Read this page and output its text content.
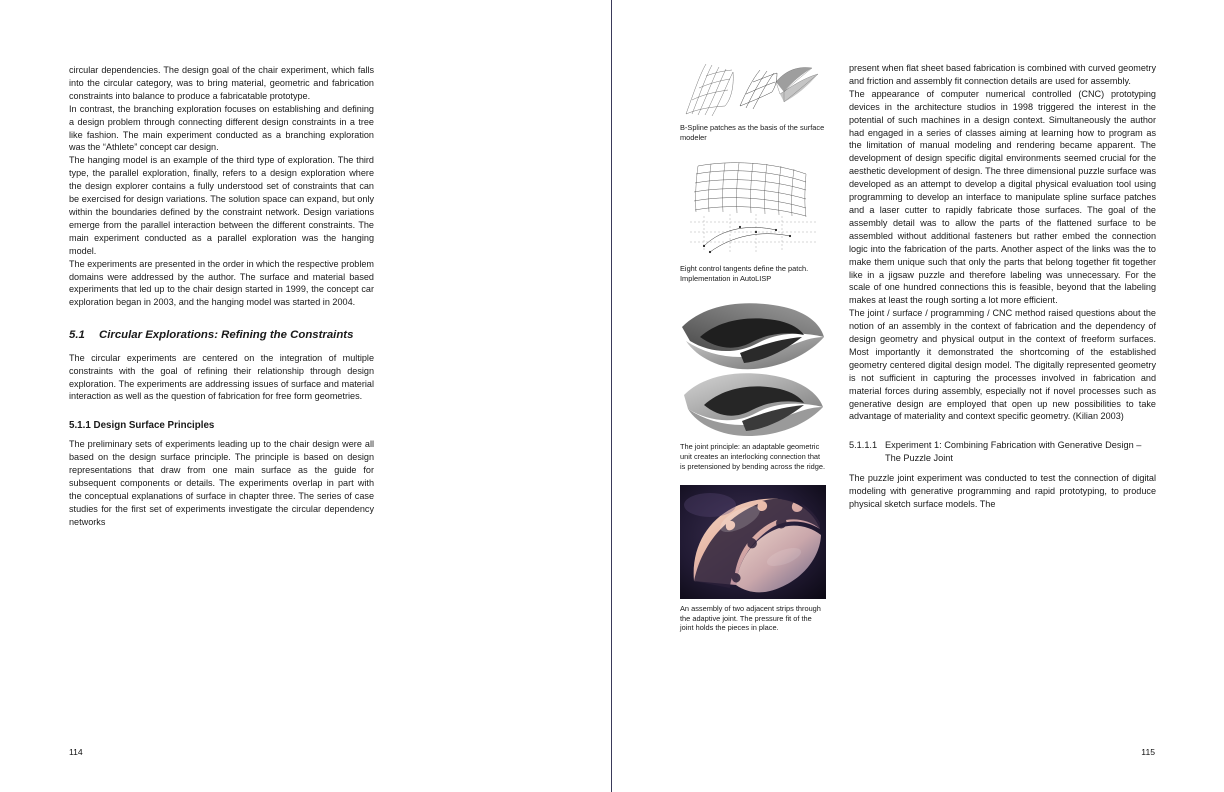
circular dependencies. The design goal of the chair experiment, which falls into the circular category, was to bring material, geometric and fabrication constraints into balance to produce a fabricatable prototype.

In contrast, the branching exploration focuses on establishing and defining a design problem through connecting different design constraints in a tree like fashion. The main experiment conducted as a branching exploration was the “Athlete” concept car design.

The hanging model is an example of the third type of exploration. The third type, the parallel exploration, finally, refers to a design exploration where the design explorer contains a fully understood set of constraints that can be exercised for design variations. The solution space can expand, but only within the boundaries defined by the constraint network. Design variations emerge from the parallel interaction between the different constraints. The main experiment conducted as a parallel exploration was the hanging model.

The experiments are presented in the order in which the respective problem domains were addressed by the author. The surface and material based experiments that led up to the chair design started in 1999, the concept car exploration began in 2003, and the hanging model was started in 2004.

5.1	Circular Explorations: Refining the Constraints

The circular experiments are centered on the integration of multiple constraints with the goal of refining their relationship through design exploration. The experiments are addressing issues of surface and material interaction as well as the question of fabrication for free form geometries.

5.1.1 Design Surface Principles

The preliminary sets of experiments leading up to the chair design were all based on the design surface principle. The principle is based on design representations that draw from one main surface as the guide for subsequent components or details. The experiments overlap in part with the conceptual explanations of surface in chapter three. The series of case studies for the first set of experiments investigate the circular dependency networks

114
B-Spline patches as the basis of the surface modeler
Eight control tangents define the patch. Implementation in AutoLISP
The joint principle: an adaptable geometric unit creates an interlocking connection that is pretensioned by bending across the ridge.
An assembly of two adjacent strips through the adaptive joint. The pressure fit of the joint holds the pieces in place.

present when flat sheet based fabrication is combined with curved geometry and friction and assembly fit connection details are used for assembly.

The appearance of computer numerical controlled (CNC) prototyping devices in the architecture studios in 1998 triggered the interest in the potential of such machines in a design context. Simultaneously the author had engaged in a series of classes aiming at learning how to program as the limitation of manual modeling and rendering became apparent. The development of design specific digital environments seemed crucial for the aesthetic development of design. The three dimensional puzzle surface was developed as an attempt to develop a digital physical evaluation tool using programming to develop an interface to manipulate spline surface patches and a laser cutter to rapidly fabricate those surfaces. The goal of the assembly detail was to allow the parts of the flattened surface to be assembled without additional fasteners but rather embed the connection logic into the fabrication of the parts. Another aspect of the links was the to make them unique such that only the parts that belong together fit together like in a jigsaw puzzle and therefore labeling was unnecessary. For the scale of one hundred connections this is feasible, beyond that the labeling makes at least the rough sorting a lot more efficient.

The joint / surface / programming / CNC method raised questions about the notion of an assembly in the context of fabrication and the dependency of design geometry and physical output in the context of freeform surfaces. Most importantly it demonstrated the shortcoming of the established geometry centered digital design model. The digitally represented geometry is not sufficient in capturing the processes involved in fabrication and material forces during assembly, especially not if novel processes such as generative design are employed that open up new possibilities to take advantage of materiality and context specific geometry. (Kilian 2003)

5.1.1.1 Experiment 1: Combining Fabrication with Generative Design – The Puzzle Joint

The puzzle joint experiment was conducted to test the connection of digital modeling with generative programming and rapid prototyping, to produce physical sketch surface models. The

115
